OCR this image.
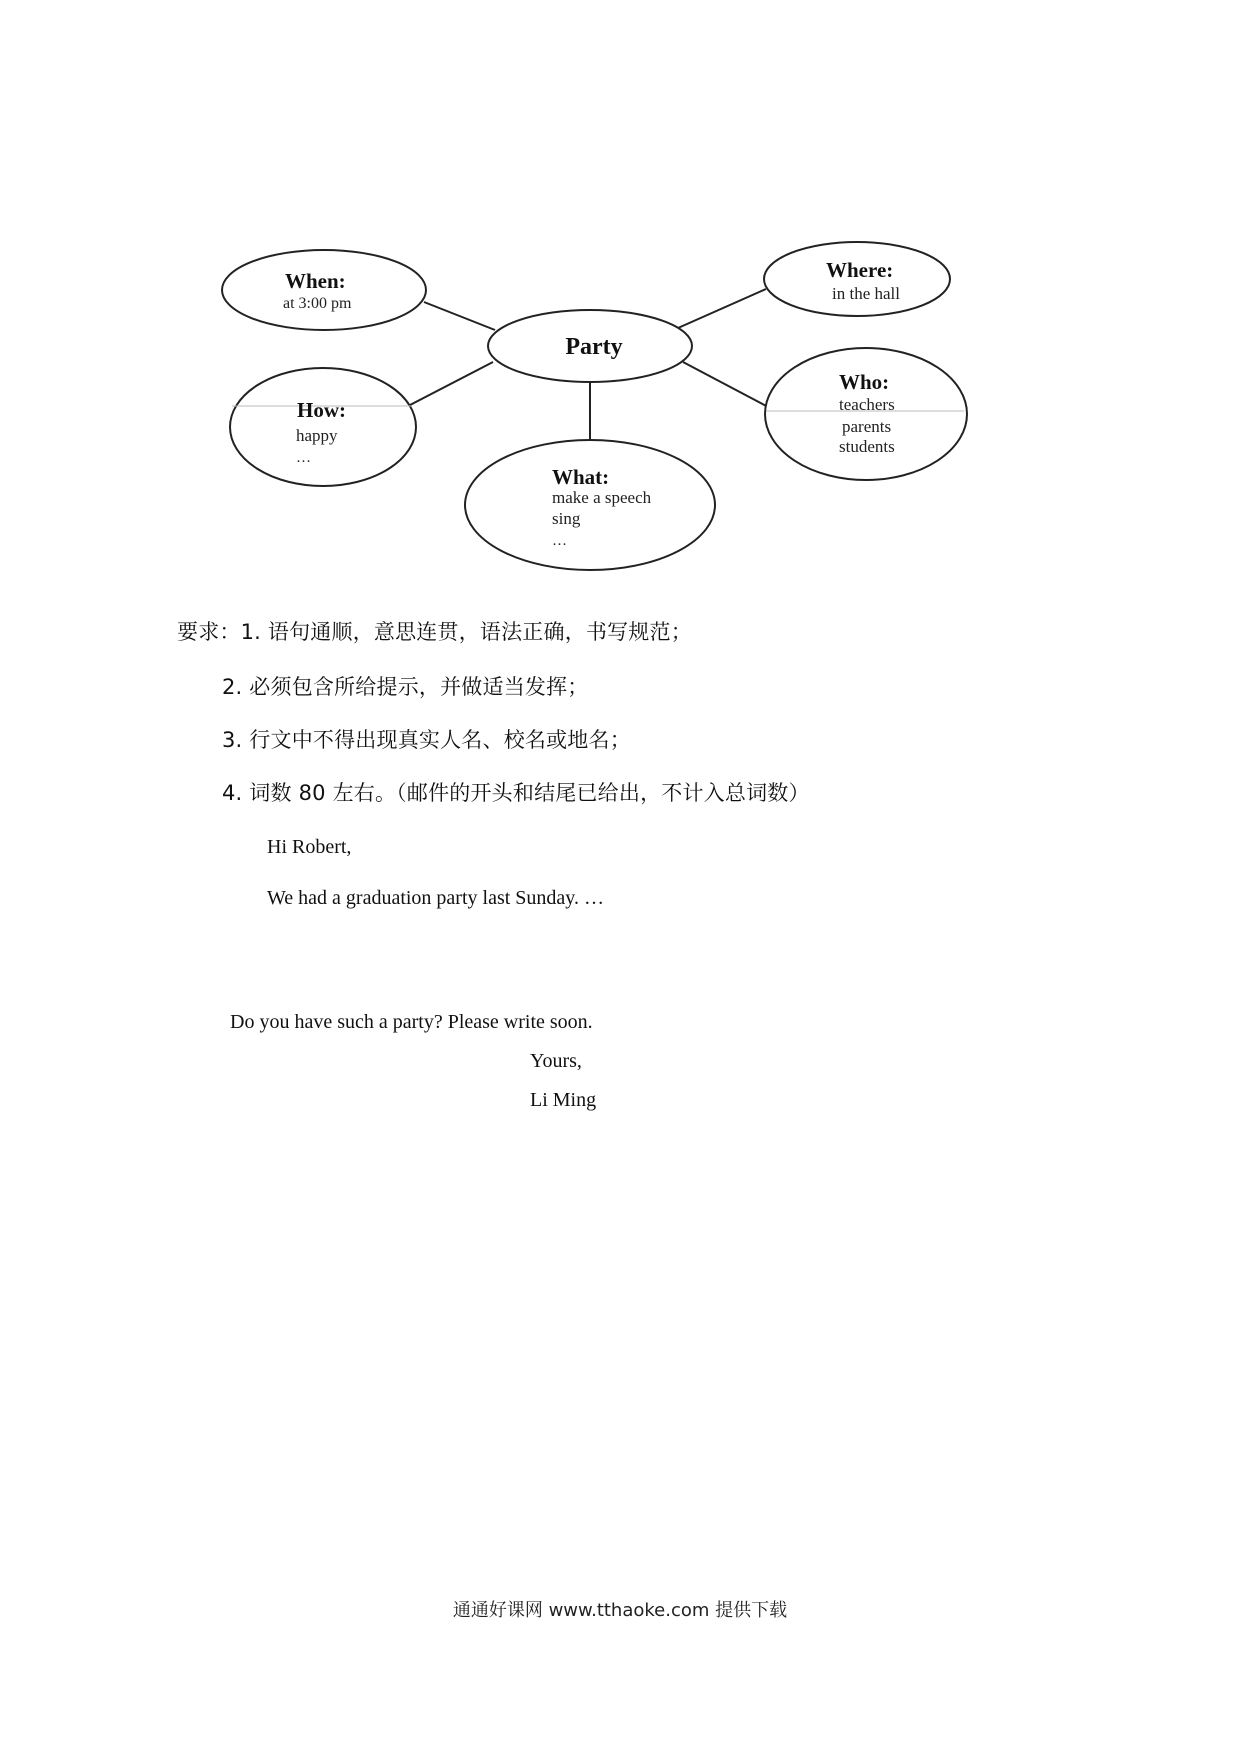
Party
When:
at 3:00 pm
Where:
in the hall
How:
happy
…
Who:
teachers
parents
students
What:
make a speech
sing
…
要求：1. 语句通顺，意思连贯，语法正确，书写规范；
2. 必须包含所给提示，并做适当发挥；
3. 行文中不得出现真实人名、校名或地名；
4. 词数 80 左右。（邮件的开头和结尾已给出，不计入总词数）
Hi Robert,
We had a graduation party last Sunday. …
Do you have such a party? Please write soon.
Yours,
Li Ming
通通好课网 www.tthaoke.com 提供下载
